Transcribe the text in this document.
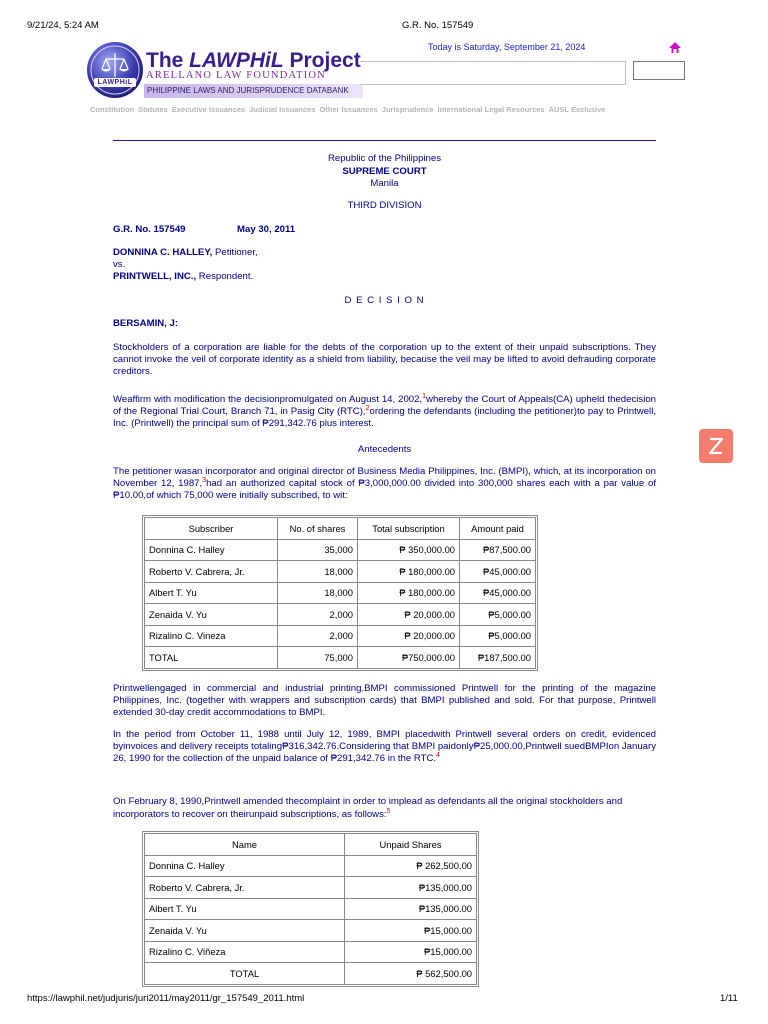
9/21/24, 5:24 AM	G.R. No. 157549
LAWPHiL
The LAWPHiL Project
ARELLANO LAW FOUNDATION
PHILIPPINE LAWS AND JURISPRUDENCE DATABANK
Today is Saturday, September 21, 2024
Constitution Statutes Executive Issuances Judicial Issuances Other Issuances Jurisprudence International Legal Resources AUSL Exclusive
Republic of the Philippines
SUPREME COURT
Manila
THIRD DIVISION
G.R. No. 157549	May 30, 2011
DONNINA C. HALLEY, Petitioner,
vs.
PRINTWELL, INC., Respondent.
D E C I S I O N
BERSAMIN, J:
Stockholders of a corporation are liable for the debts of the corporation up to the extent of their unpaid subscriptions. They cannot invoke the veil of corporate identity as a shield from liability, because the veil may be lifted to avoid defrauding corporate creditors.
Weaffirm with modification the decisionpromulgated on August 14, 2002,$^1$whereby the Court of Appeals(CA) upheld thedecision of the Regional Trial Court, Branch 71, in Pasig City (RTC),$^2$ordering the defendants (including the petitioner)to pay to Printwell, Inc. (Printwell) the principal sum of ₱291,342.76 plus interest.
Antecedents
The petitioner wasan incorporator and original director of Business Media Philippines, Inc. (BMPI), which, at its incorporation on November 12, 1987,$^3$had an authorized capital stock of ₱3,000,000.00 divided into 300,000 shares each with a par value of ₱10.00,of which 75,000 were initially subscribed, to wit:
Subscriber	No. of shares	Total subscription	Amount paid
Donnina C. Halley	35,000	₱ 350,000.00	₱87,500.00
Roberto V. Cabrera, Jr.	18,000	₱ 180,000.00	₱45,000.00
Albert T. Yu	18,000	₱ 180,000.00	₱45,000.00
Zenaida V. Yu	2,000	₱ 20,000.00	₱5,000.00
Rizalino C. Vineza	2,000	₱ 20,000.00	₱5,000.00
TOTAL	75,000	₱750,000.00	₱187,500.00
Printwellengaged in commercial and industrial printing.BMPI commissioned Printwell for the printing of the magazine Philippines, Inc. (together with wrappers and subscription cards) that BMPI published and sold. For that purpose, Printwell extended 30-day credit accommodations to BMPI.
In the period from October 11, 1988 until July 12, 1989, BMPI placedwith Printwell several orders on credit, evidenced byinvoices and delivery receipts totaling₱316,342.76.Considering that BMPI paidonly₱25,000.00,Printwell suedBMPIon January 26, 1990 for the collection of the unpaid balance of ₱291,342.76 in the RTC.$^4$
On February 8, 1990,Printwell amended thecomplaint in order to implead as defendants all the original stockholders and incorporators to recover on theirunpaid subscriptions, as follows:$^5$
Name	Unpaid Shares
Donnina C. Halley	₱ 262,500.00
Roberto V. Cabrera, Jr.	₱135,000.00
Albert T. Yu	₱135,000.00
Zenaida V. Yu	₱15,000.00
Rizalino C. Viñeza	₱15,000.00
TOTAL	₱ 562,500.00
https://lawphil.net/judjuris/juri2011/may2011/gr_157549_2011.html	1/11
